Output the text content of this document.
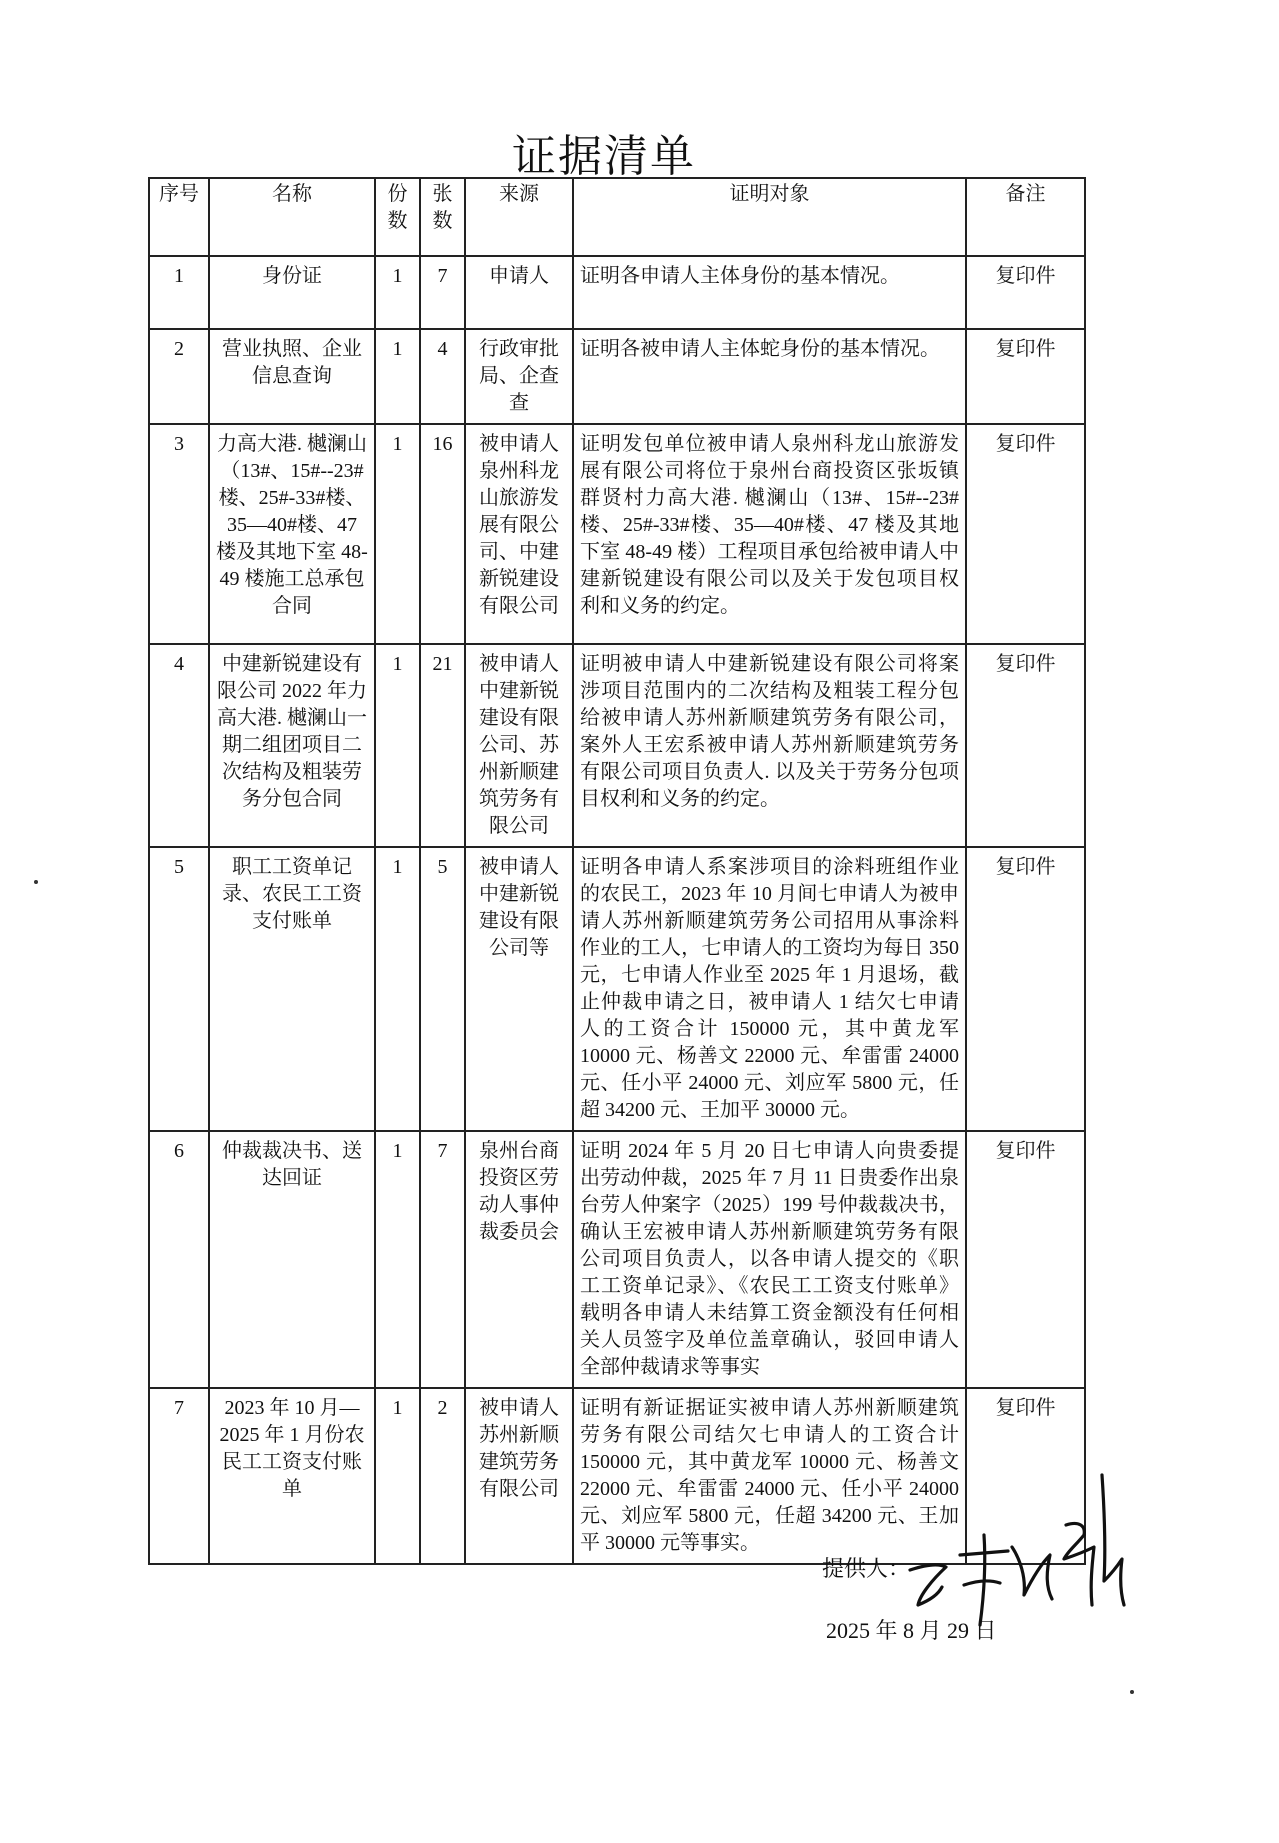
证据清单
序号	名称	份数	张数	来源	证明对象	备注
1	身份证	1	7	申请人	证明各申请人主体身份的基本情况。	复印件
2	营业执照、企业信息查询	1	4	行政审批局、企查查	证明各被申请人主体蛇身份的基本情况。	复印件
3	力高大港. 樾澜山（13#、15#--23#楼、25#-33#楼、35—40#楼、47 楼及其地下室 48-49 楼施工总承包合同	1	16	被申请人泉州科龙山旅游发展有限公司、中建新锐建设有限公司	证明发包单位被申请人泉州科龙山旅游发展有限公司将位于泉州台商投资区张坂镇群贤村力高大港. 樾澜山（13#、15#--23#楼、25#-33#楼、35—40#楼、47 楼及其地下室 48-49 楼）工程项目承包给被申请人中建新锐建设有限公司以及关于发包项目权利和义务的约定。	复印件
4	中建新锐建设有限公司 2022 年力高大港. 樾澜山一期二组团项目二次结构及粗装劳务分包合同	1	21	被申请人中建新锐建设有限公司、苏州新顺建筑劳务有限公司	证明被申请人中建新锐建设有限公司将案涉项目范围内的二次结构及粗装工程分包给被申请人苏州新顺建筑劳务有限公司，案外人王宏系被申请人苏州新顺建筑劳务有限公司项目负责人. 以及关于劳务分包项目权利和义务的约定。	复印件
5	职工工资单记录、农民工工资支付账单	1	5	被申请人中建新锐建设有限公司等	证明各申请人系案涉项目的涂料班组作业的农民工，2023 年 10 月间七申请人为被申请人苏州新顺建筑劳务公司招用从事涂料作业的工人，七申请人的工资均为每日 350 元，七申请人作业至 2025 年 1 月退场，截止仲裁申请之日，被申请人 1 结欠七申请人的工资合计 150000 元，其中黄龙军 10000 元、杨善文 22000 元、牟雷雷 24000 元、任小平 24000 元、刘应军 5800 元，任超 34200 元、王加平 30000 元。	复印件
6	仲裁裁决书、送达回证	1	7	泉州台商投资区劳动人事仲裁委员会	证明 2024 年 5 月 20 日七申请人向贵委提出劳动仲裁，2025 年 7 月 11 日贵委作出泉台劳人仲案字（2025）199 号仲裁裁决书，确认王宏被申请人苏州新顺建筑劳务有限公司项目负责人，以各申请人提交的《职工工资单记录》、《农民工工资支付账单》载明各申请人未结算工资金额没有任何相关人员签字及单位盖章确认，驳回申请人全部仲裁请求等事实	复印件
7	2023 年 10 月—2025 年 1 月份农民工工资支付账单	1	2	被申请人苏州新顺建筑劳务有限公司	证明有新证据证实被申请人苏州新顺建筑劳务有限公司结欠七申请人的工资合计 150000 元，其中黄龙军 10000 元、杨善文 22000 元、牟雷雷 24000 元、任小平 24000 元、刘应军 5800 元，任超 34200 元、王加平 30000 元等事实。	复印件
提供人：
2025 年 8 月 29 日
